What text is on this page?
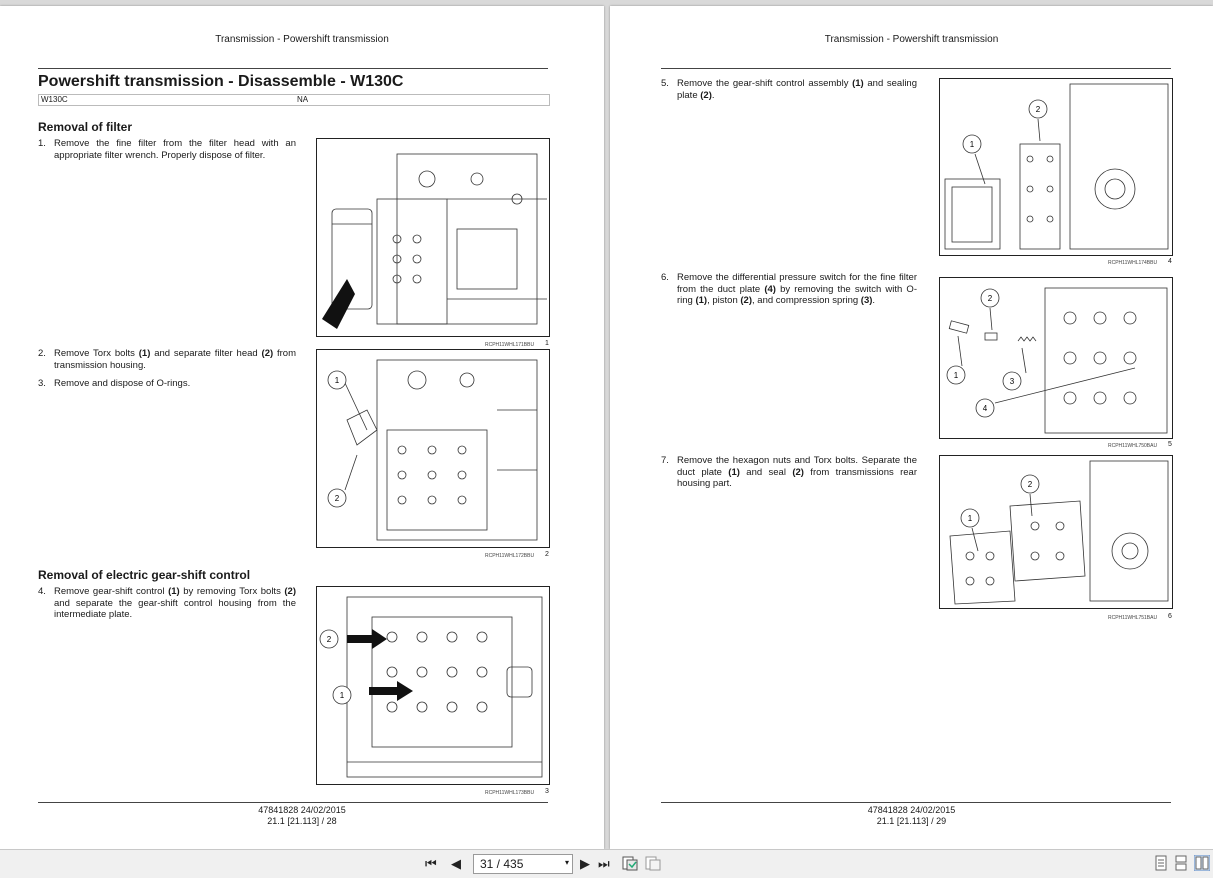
Transmission - Powershift transmission
Powershift transmission - Disassemble - W130C
W130C	NA
Removal of filter
1. Remove the fine filter from the filter head with an appropriate filter wrench. Properly dispose of filter.
RCPH11WHL171BBU 1
2. Remove Torx bolts (1) and separate filter head (2) from transmission housing.
3. Remove and dispose of O-rings.	1
2
RCPH11WHL172BBU 2
Removal of electric gear-shift control
4. Remove gear-shift control (1) by removing Torx bolts (2) and separate the gear-shift control housing from the intermediate plate.
2
1
RCPH11WHL173BBU 3
47841828 24/02/2015
21.1 [21.113] / 28
Transmission - Powershift transmission
5. Remove the gear-shift control assembly (1) and sealing plate (2).
2
1
RCPH11WHL174BBU 4
6. Remove the differential pressure switch for the fine filter from the duct plate (4) by removing the switch with O-ring (1), piston (2), and compression spring (3).	2
1
3
4
RCPH11WHL750BAU 5
7. Remove the hexagon nuts and Torx bolts. Separate the duct plate (1) and seal (2) from transmissions rear housing part.	2
1
RCPH11WHL751BAU 6
47841828 24/02/2015
21.1 [21.113] / 29
⏮ ◀ 31 / 435	▾ ▶ ⏭
